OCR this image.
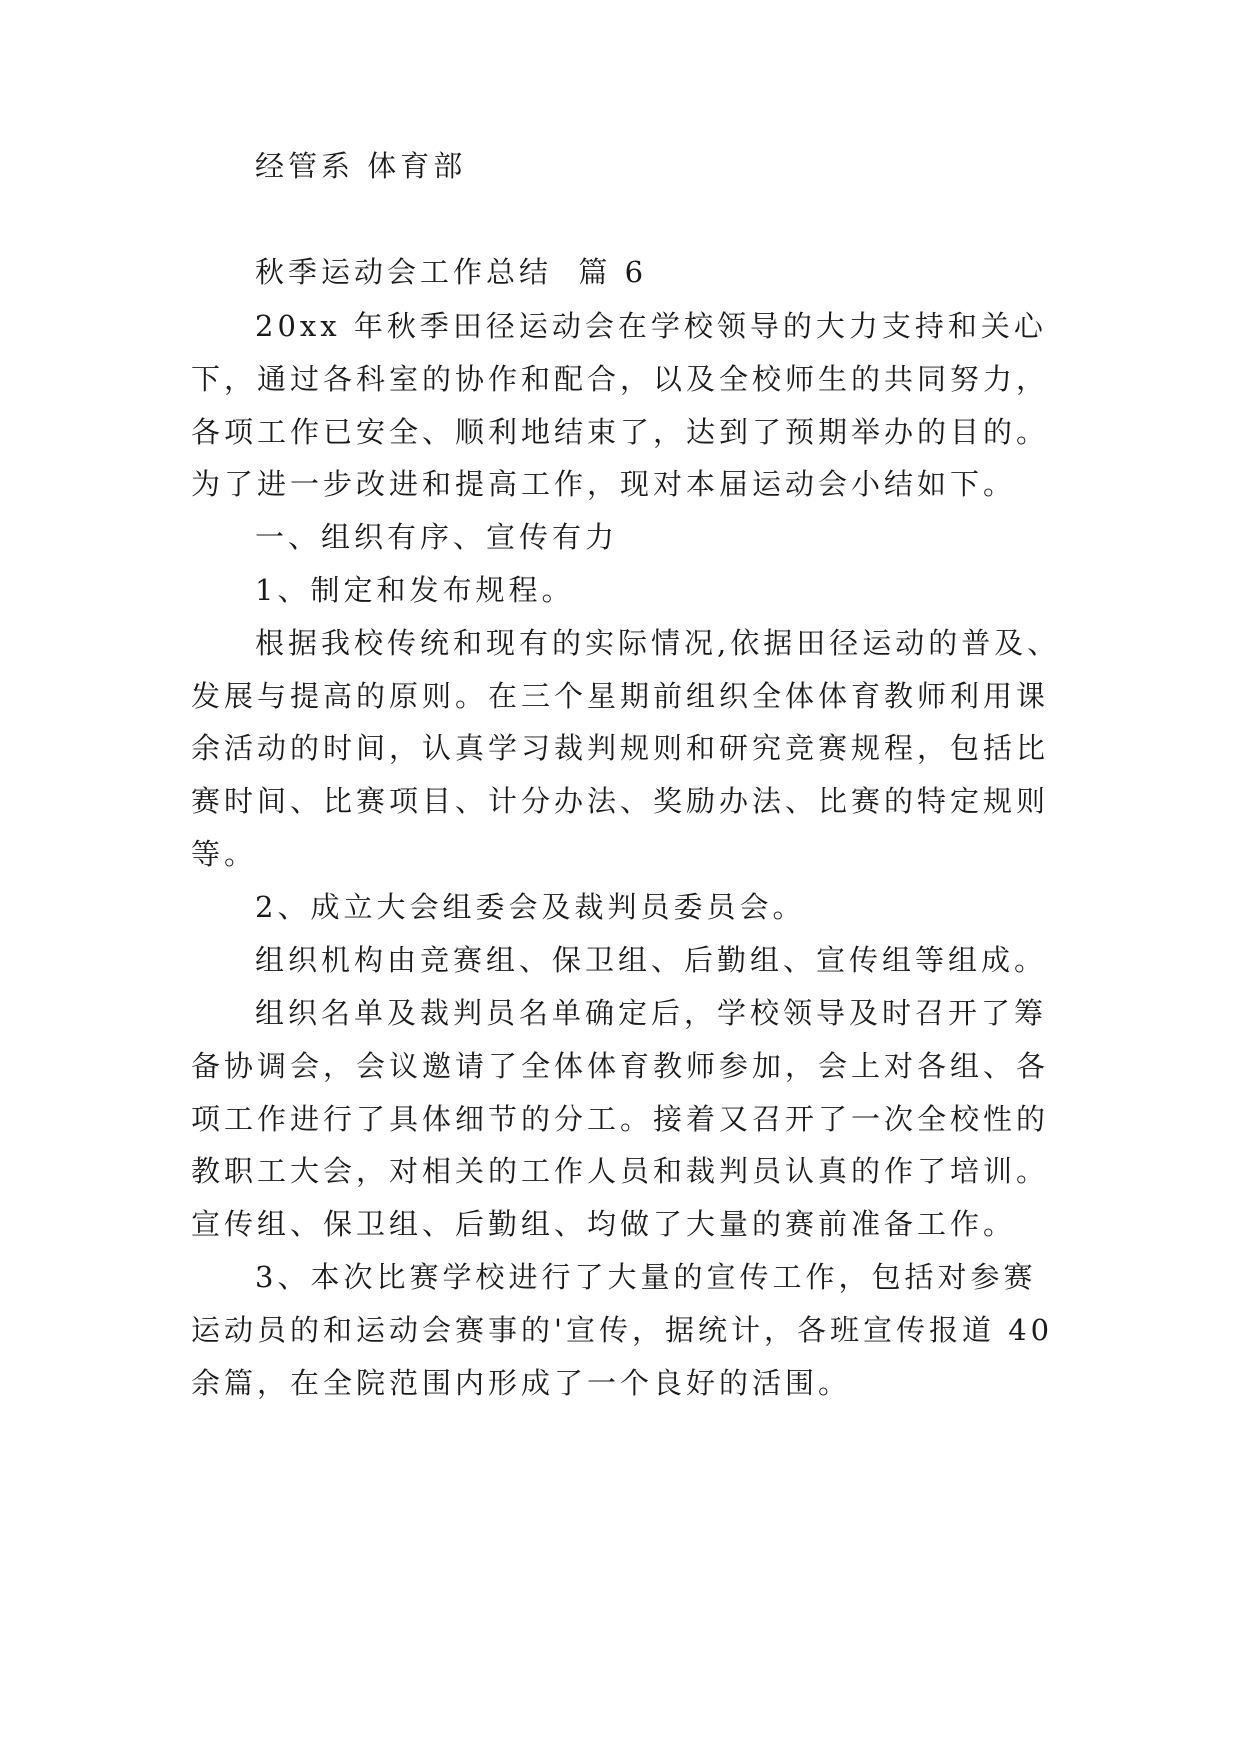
经管系 体育部
秋季运动会工作总结  篇 6
20xx 年秋季田径运动会在学校领导的大力支持和关心
下，通过各科室的协作和配合，以及全校师生的共同努力，
各项工作已安全、顺利地结束了，达到了预期举办的目的。
为了进一步改进和提高工作，现对本届运动会小结如下。
一、组织有序、宣传有力
1、制定和发布规程。
根据我校传统和现有的实际情况,依据田径运动的普及、
发展与提高的原则。在三个星期前组织全体体育教师利用课
余活动的时间，认真学习裁判规则和研究竞赛规程，包括比
赛时间、比赛项目、计分办法、奖励办法、比赛的特定规则
等。
2、成立大会组委会及裁判员委员会。
组织机构由竞赛组、保卫组、后勤组、宣传组等组成。
组织名单及裁判员名单确定后，学校领导及时召开了筹
备协调会，会议邀请了全体体育教师参加，会上对各组、各
项工作进行了具体细节的分工。接着又召开了一次全校性的
教职工大会，对相关的工作人员和裁判员认真的作了培训。
宣传组、保卫组、后勤组、均做了大量的赛前准备工作。
3、本次比赛学校进行了大量的宣传工作，包括对参赛
运动员的和运动会赛事的'宣传，据统计，各班宣传报道 40
余篇，在全院范围内形成了一个良好的活围。
